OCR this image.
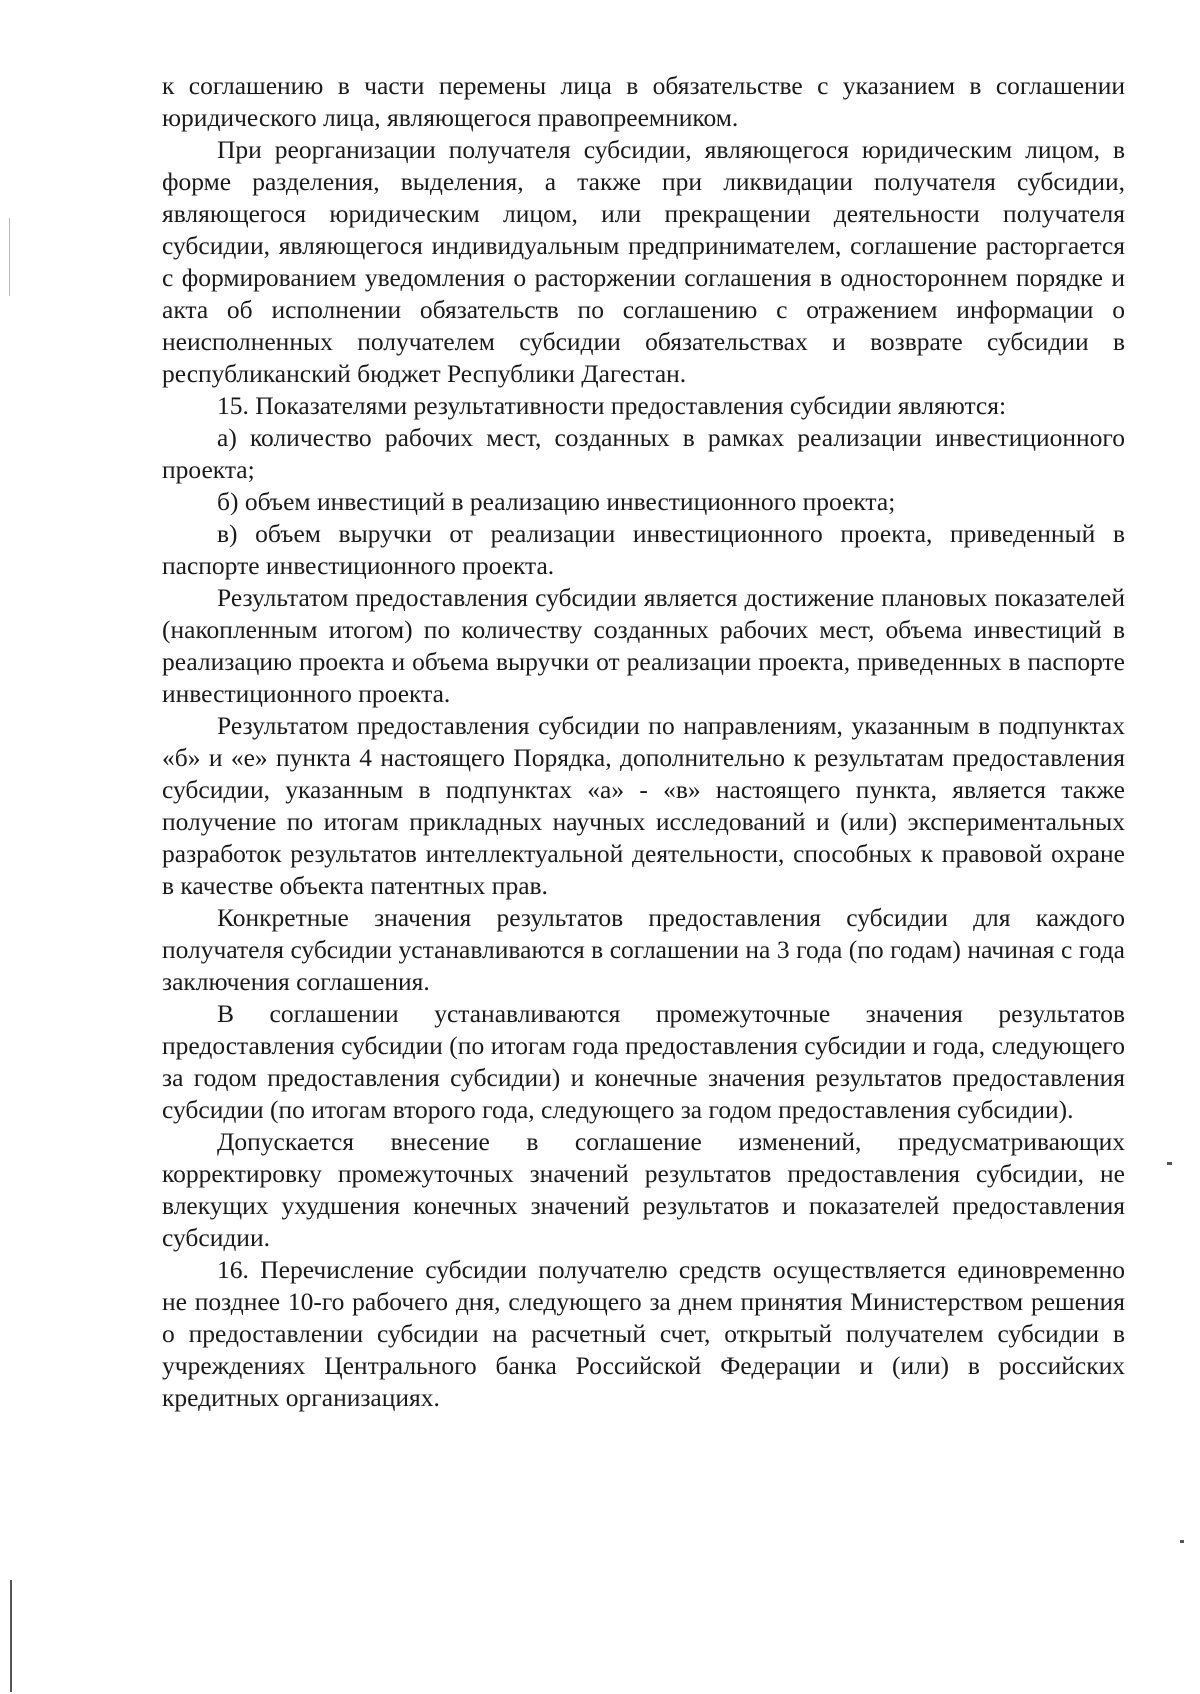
к соглашению в части перемены лица в обязательстве с указанием в соглашении юридического лица, являющегося правопреемником.

При реорганизации получателя субсидии, являющегося юридическим лицом, в форме разделения, выделения, а также при ликвидации получателя субсидии, являющегося юридическим лицом, или прекращении деятельности получателя субсидии, являющегося индивидуальным предпринимателем, соглашение расторгается с формированием уведомления о расторжении соглашения в одностороннем порядке и акта об исполнении обязательств по соглашению с отражением информации о неисполненных получателем субсидии обязательствах и возврате субсидии в республиканский бюджет Республики Дагестан.

15. Показателями результативности предоставления субсидии являются:

а) количество рабочих мест, созданных в рамках реализации инвестиционного проекта;

б) объем инвестиций в реализацию инвестиционного проекта;

в) объем выручки от реализации инвестиционного проекта, приведенный в паспорте инвестиционного проекта.

Результатом предоставления субсидии является достижение плановых показателей (накопленным итогом) по количеству созданных рабочих мест, объема инвестиций в реализацию проекта и объема выручки от реализации проекта, приведенных в паспорте инвестиционного проекта.

Результатом предоставления субсидии по направлениям, указанным в подпунктах «б» и «е» пункта 4 настоящего Порядка, дополнительно к результатам предоставления субсидии, указанным в подпунктах «а» - «в» настоящего пункта, является также получение по итогам прикладных научных исследований и (или) экспериментальных разработок результатов интеллектуальной деятельности, способных к правовой охране в качестве объекта патентных прав.

Конкретные значения результатов предоставления субсидии для каждого получателя субсидии устанавливаются в соглашении на 3 года (по годам) начиная с года заключения соглашения.

В соглашении устанавливаются промежуточные значения результатов предоставления субсидии (по итогам года предоставления субсидии и года, следующего за годом предоставления субсидии) и конечные значения результатов предоставления субсидии (по итогам второго года, следующего за годом предоставления субсидии).

Допускается внесение в соглашение изменений, предусматривающих корректировку промежуточных значений результатов предоставления субсидии, не влекущих ухудшения конечных значений результатов и показателей предоставления субсидии.

16. Перечисление субсидии получателю средств осуществляется единовременно не позднее 10-го рабочего дня, следующего за днем принятия Министерством решения о предоставлении субсидии на расчетный счет, открытый получателем субсидии в учреждениях Центрального банка Российской Федерации и (или) в российских кредитных организациях.
